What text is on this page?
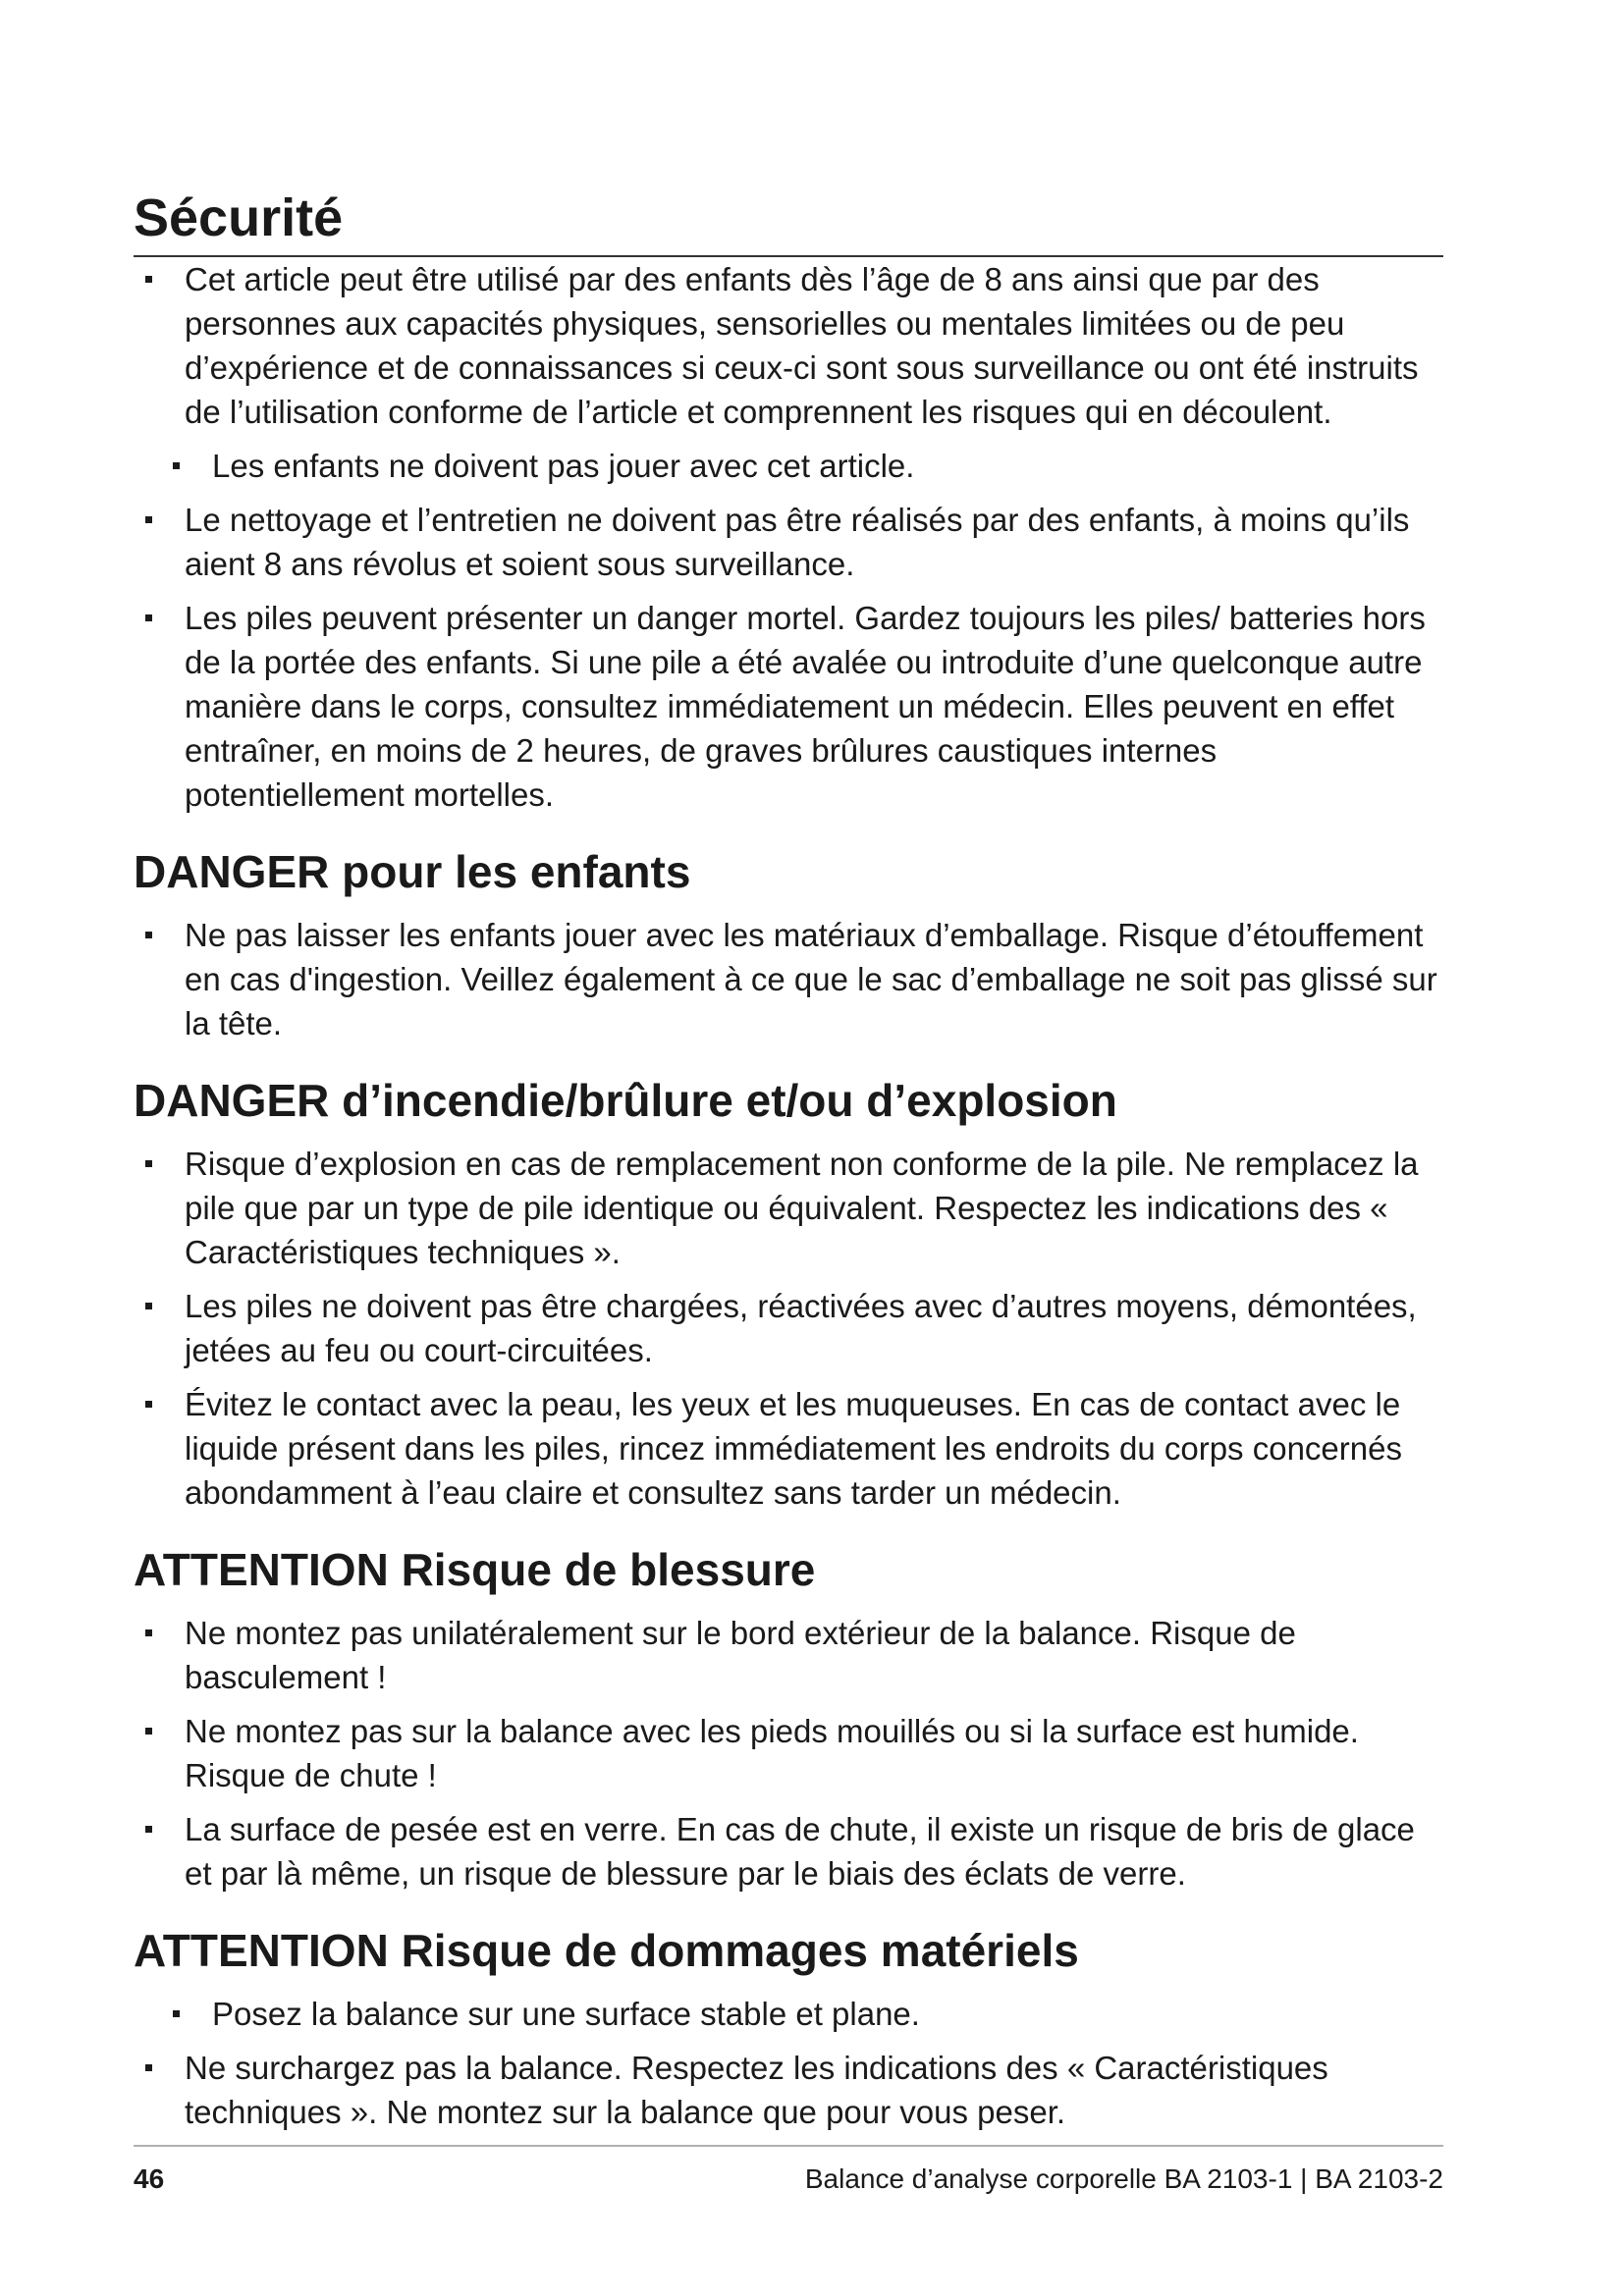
Sécurité
Cet article peut être utilisé par des enfants dès l’âge de 8 ans ainsi que par des personnes aux capacités physiques, sensorielles ou mentales limitées ou de peu d’expérience et de connaissances si ceux-ci sont sous surveillance ou ont été instruits de l’utilisation conforme de l’article et comprennent les risques qui en découlent.
Les enfants ne doivent pas jouer avec cet article.
Le nettoyage et l’entretien ne doivent pas être réalisés par des enfants, à moins qu’ils aient 8 ans révolus et soient sous surveillance.
Les piles peuvent présenter un danger mortel. Gardez toujours les piles/ batteries hors de la portée des enfants. Si une pile a été avalée ou introduite d’une quelconque autre manière dans le corps, consultez immédiatement un médecin. Elles peuvent en effet entraîner, en moins de 2 heures, de graves brûlures caustiques internes potentiellement mortelles.
DANGER pour les enfants
Ne pas laisser les enfants jouer avec les matériaux d’emballage. Risque d’étouffement en cas d'ingestion. Veillez également à ce que le sac d’emballage ne soit pas glissé sur la tête.
DANGER d’incendie/brûlure et/ou d’explosion
Risque d’explosion en cas de remplacement non conforme de la pile. Ne remplacez la pile que par un type de pile identique ou équivalent. Respectez les indications des « Caractéristiques techniques ».
Les piles ne doivent pas être chargées, réactivées avec d’autres moyens, démontées, jetées au feu ou court-circuitées.
Évitez le contact avec la peau, les yeux et les muqueuses. En cas de contact avec le liquide présent dans les piles, rincez immédiatement les endroits du corps concernés abondamment à l’eau claire et consultez sans tarder un médecin.
ATTENTION Risque de blessure
Ne montez pas unilatéralement sur le bord extérieur de la balance. Risque de basculement !
Ne montez pas sur la balance avec les pieds mouillés ou si la surface est humide. Risque de chute !
La surface de pesée est en verre. En cas de chute, il existe un risque de bris de glace et par là même, un risque de blessure par le biais des éclats de verre.
ATTENTION Risque de dommages matériels
Posez la balance sur une surface stable et plane.
Ne surchargez pas la balance. Respectez les indications des « Caractéristiques techniques ». Ne montez sur la balance que pour vous peser.
46	Balance d’analyse corporelle BA 2103-1 | BA 2103-2
